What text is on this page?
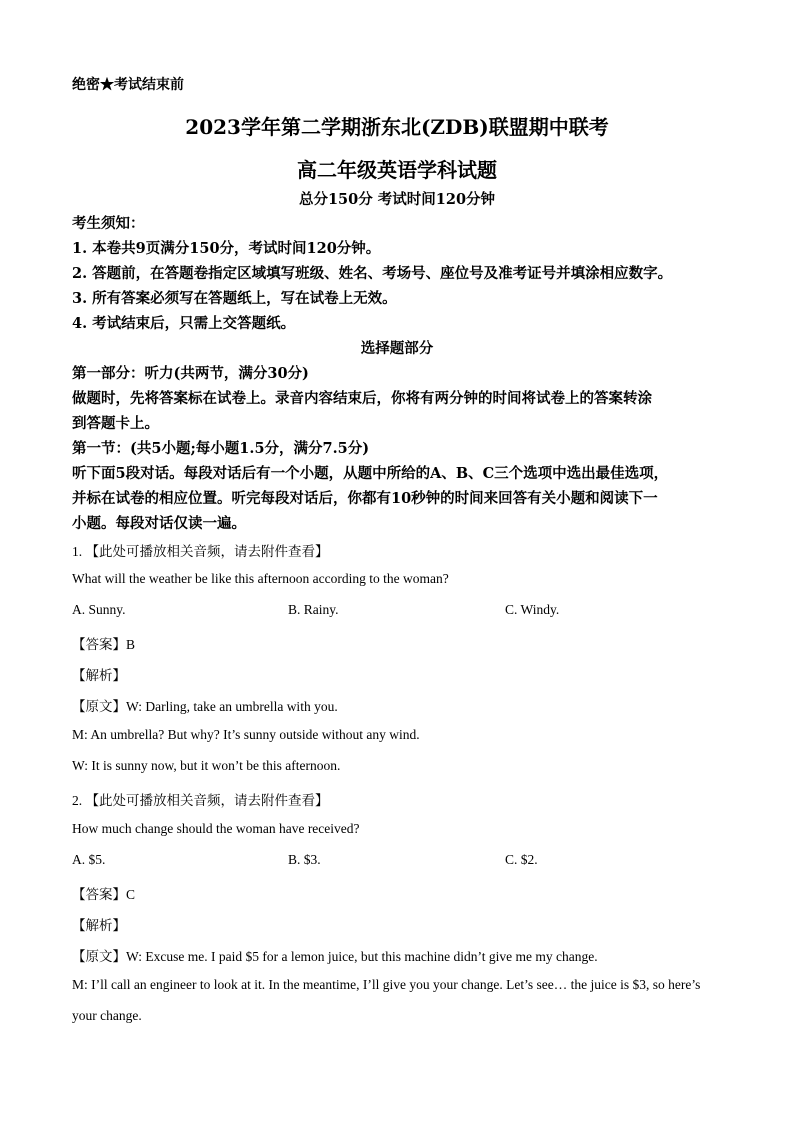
绝密★考试结束前
2023学年第二学期浙东北(ZDB)联盟期中联考
高二年级英语学科试题
总分150分 考试时间120分钟
考生须知：
1. 本卷共9页满分150分，考试时间120分钟。
2. 答题前，在答题卷指定区域填写班级、姓名、考场号、座位号及准考证号并填涂相应数字。
3. 所有答案必须写在答题纸上，写在试卷上无效。
4. 考试结束后，只需上交答题纸。
选择题部分
第一部分：听力(共两节，满分30分)
做题时，先将答案标在试卷上。录音内容结束后，你将有两分钟的时间将试卷上的答案转涂
到答题卡上。
第一节：(共5小题;每小题1.5分，满分7.5分)
听下面5段对话。每段对话后有一个小题，从题中所给的A、B、C三个选项中选出最佳选项，
并标在试卷的相应位置。听完每段对话后，你都有10秒钟的时间来回答有关小题和阅读下一
小题。每段对话仅读一遍。
1. 【此处可播放相关音频，请去附件查看】
What will the weather be like this afternoon according to the woman?
A. Sunny.	B. Rainy.	C. Windy.
【答案】B
【解析】
【原文】W: Darling, take an umbrella with you.
M: An umbrella? But why? It’s sunny outside without any wind.
W: It is sunny now, but it won’t be this afternoon.
2. 【此处可播放相关音频，请去附件查看】
How much change should the woman have received?
A. $5.	B. $3.	C. $2.
【答案】C
【解析】
【原文】W: Excuse me. I paid $5 for a lemon juice, but this machine didn’t give me my change.
M: I’ll call an engineer to look at it. In the meantime, I’ll give you your change. Let’s see… the juice is $3, so here’s
your change.
